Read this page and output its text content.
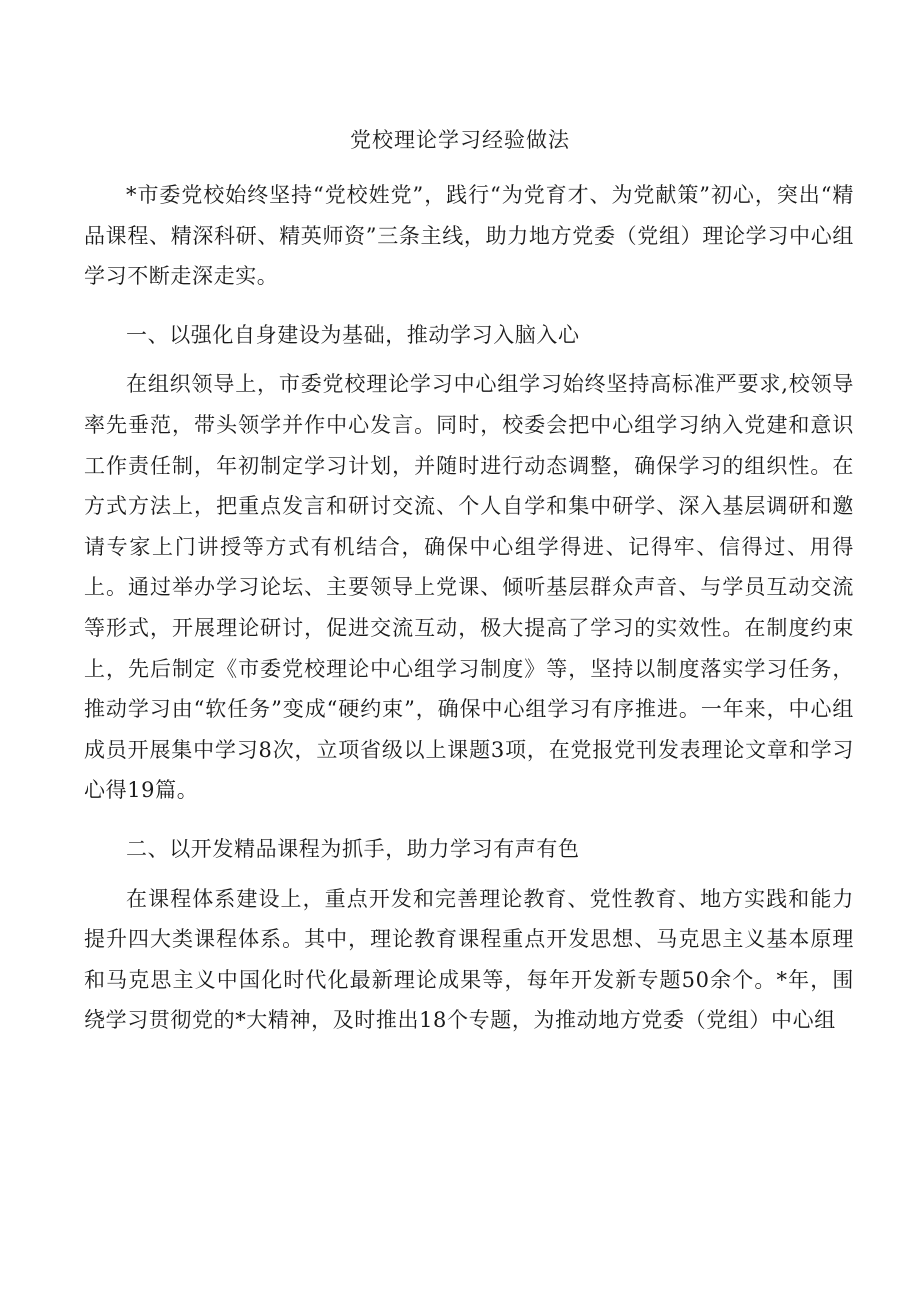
党校理论学习经验做法

*市委党校始终坚持“党校姓党”，践行“为党育才、为党献策”初心，突出“精品课程、精深科研、精英师资”三条主线，助力地方党委（党组）理论学习中心组学习不断走深走实。

一、以强化自身建设为基础，推动学习入脑入心

在组织领导上，市委党校理论学习中心组学习始终坚持高标准严要求,校领导率先垂范，带头领学并作中心发言。同时，校委会把中心组学习纳入党建和意识工作责任制，年初制定学习计划，并随时进行动态调整，确保学习的组织性。在方式方法上，把重点发言和研讨交流、个人自学和集中研学、深入基层调研和邀请专家上门讲授等方式有机结合，确保中心组学得进、记得牢、信得过、用得上。通过举办学习论坛、主要领导上党课、倾听基层群众声音、与学员互动交流等形式，开展理论研讨，促进交流互动，极大提高了学习的实效性。在制度约束上，先后制定《市委党校理论中心组学习制度》等，坚持以制度落实学习任务，推动学习由“软任务”变成“硬约束”，确保中心组学习有序推进。一年来，中心组成员开展集中学习8次，立项省级以上课题3项，在党报党刊发表理论文章和学习心得19篇。

二、以开发精品课程为抓手，助力学习有声有色

在课程体系建设上，重点开发和完善理论教育、党性教育、地方实践和能力提升四大类课程体系。其中，理论教育课程重点开发思想、马克思主义基本原理和马克思主义中国化时代化最新理论成果等，每年开发新专题50余个。*年，围绕学习贯彻党的*大精神，及时推出18个专题，为推动地方党委（党组）中心组
